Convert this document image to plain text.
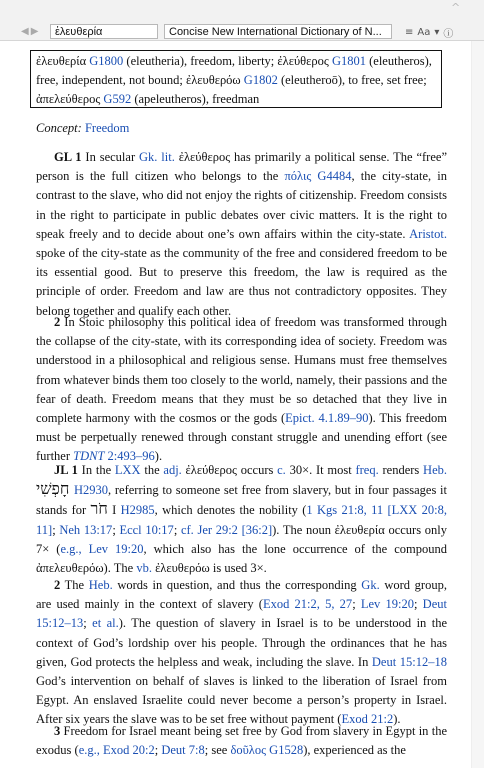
^
◀ ▶	ἐλευθερία	Concise New International Dictionary of N...	≡ Aa ▾ ⓘ
ἐλευθερία G1800 (eleutheria), freedom, liberty; ἐλεύθερος G1801 (eleutheros), free, independent, not bound; ἐλευθερόω G1802 (eleutheroō), to free, set free; ἀπελεύθερος G592 (apeleutheros), freedman
Concept: Freedom

GL 1 In secular Gk. lit. ἐλεύθερος has primarily a political sense. The “free” person is the full citizen who belongs to the πόλις G4484, the city-state, in contrast to the slave, who did not enjoy the rights of citizenship. Freedom consists in the right to participate in public debates over civic matters. It is the right to speak freely and to decide about one’s own affairs within the city-state. Aristot. spoke of the city-state as the community of the free and considered freedom to be its essential good. But to preserve this freedom, the law is required as the principle of order. Freedom and law are thus not contradictory opposites. They belong together and qualify each other.

2 In Stoic philosophy this political idea of freedom was transformed through the collapse of the city-state, with its corresponding idea of society. Freedom was understood in a philosophical and religious sense. Humans must free themselves from whatever binds them too closely to the world, namely, their passions and the fear of death. Freedom means that they must be so detached that they live in complete harmony with the cosmos or the gods (Epict. 4.1.89–90). This freedom must be perpetually renewed through constant struggle and unending effort (see further TDNT 2:493–96).

JL 1 In the LXX the adj. ἐλεύθερος occurs c. 30×. It most freq. renders Heb. חָפְשִׁי H2930, referring to someone set free from slavery, but in four passages it stands for חֹר I H2985, which denotes the nobility (1 Kgs 21:8, 11 [LXX 20:8, 11]; Neh 13:17; Eccl 10:17; cf. Jer 29:2 [36:2]). The noun ἐλευθερία occurs only 7× (e.g., Lev 19:20, which also has the lone occurrence of the compound ἀπελευθερόω). The vb. ἐλευθερόω is used 3×.

2 The Heb. words in question, and thus the corresponding Gk. word group, are used mainly in the context of slavery (Exod 21:2, 5, 27; Lev 19:20; Deut 15:12–13; et al.). The question of slavery in Israel is to be understood in the context of God’s lordship over his people. Through the ordinances that he has given, God protects the helpless and weak, including the slave. In Deut 15:12–18 God’s intervention on behalf of slaves is linked to the liberation of Israel from Egypt. An enslaved Israelite could never become a person’s property in Israel. After six years the slave was to be set free without payment (Exod 21:2).

3 Freedom for Israel meant being set free by God from slavery in Egypt in the exodus (e.g., Exod 20:2; Deut 7:8; see δοῦλος G1528), experienced as the
